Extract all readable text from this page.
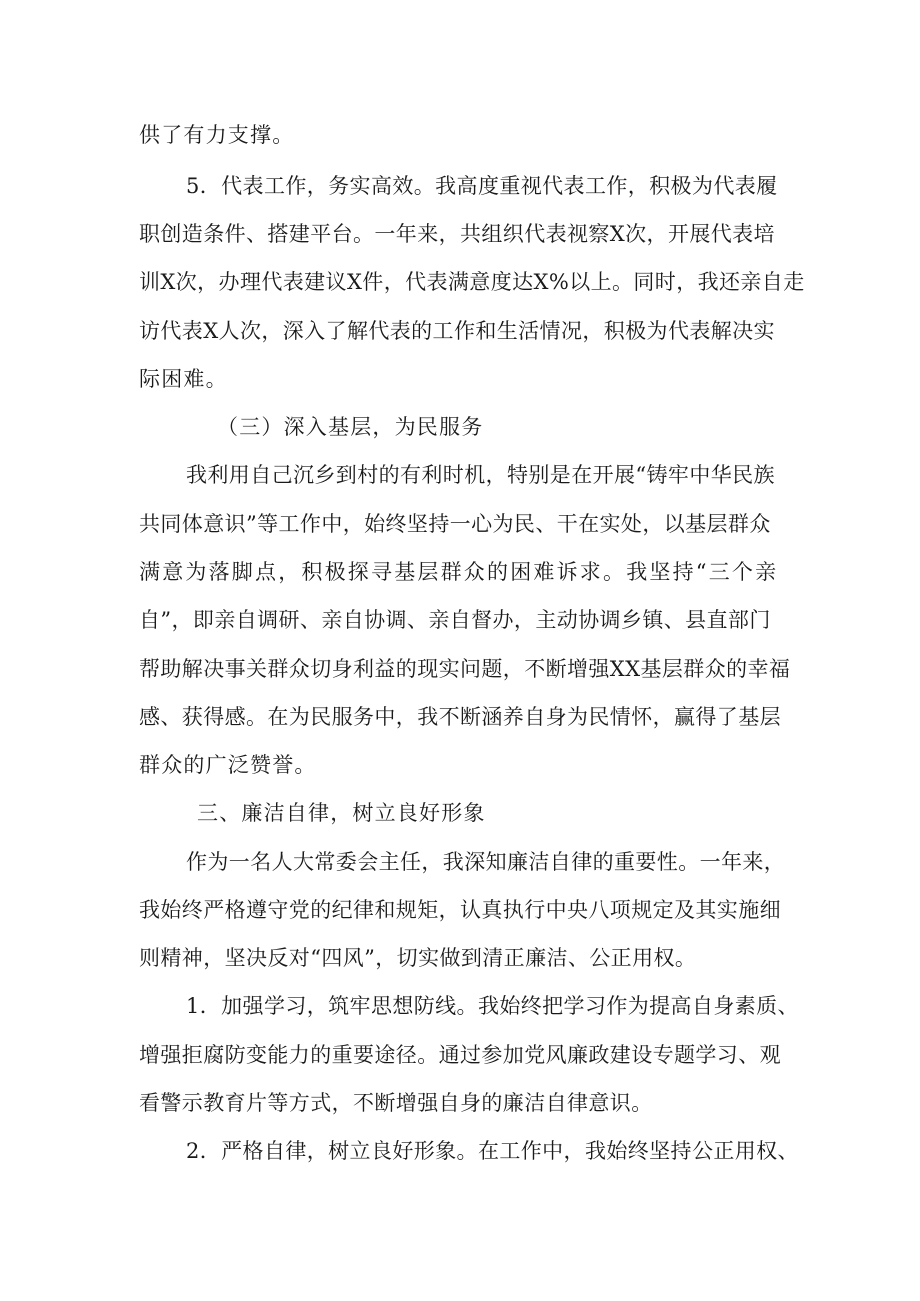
供了有力支撑。
5．代表工作，务实高效。我高度重视代表工作，积极为代表履
职创造条件、搭建平台。一年来，共组织代表视察X次，开展代表培
训X次，办理代表建议X件，代表满意度达X%以上。同时，我还亲自走
访代表X人次，深入了解代表的工作和生活情况，积极为代表解决实
际困难。
（三）深入基层，为民服务
我利用自己沉乡到村的有利时机，特别是在开展“铸牢中华民族
共同体意识”等工作中，始终坚持一心为民、干在实处，以基层群众
满意为落脚点，积极探寻基层群众的困难诉求。我坚持“三个亲
自”，即亲自调研、亲自协调、亲自督办，主动协调乡镇、县直部门
帮助解决事关群众切身利益的现实问题，不断增强XX基层群众的幸福
感、获得感。在为民服务中，我不断涵养自身为民情怀，赢得了基层
群众的广泛赞誉。
三、廉洁自律，树立良好形象
作为一名人大常委会主任，我深知廉洁自律的重要性。一年来，
我始终严格遵守党的纪律和规矩，认真执行中央八项规定及其实施细
则精神，坚决反对“四风”，切实做到清正廉洁、公正用权。
1．加强学习，筑牢思想防线。我始终把学习作为提高自身素质、
增强拒腐防变能力的重要途径。通过参加党风廉政建设专题学习、观
看警示教育片等方式，不断增强自身的廉洁自律意识。
2．严格自律，树立良好形象。在工作中，我始终坚持公正用权、
